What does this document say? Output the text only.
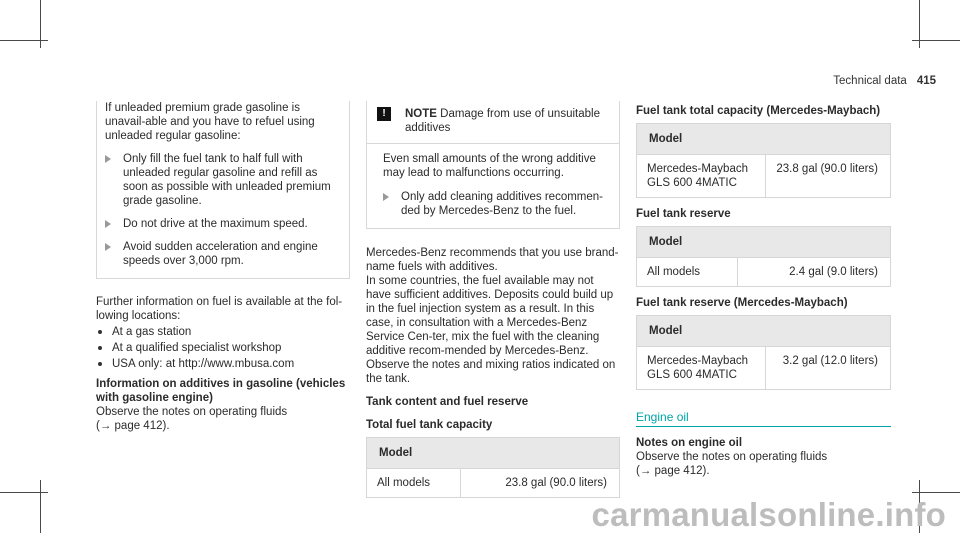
Technical data 415

If unleaded premium grade gasoline is unavail-able and you have to refuel using unleaded regular gasoline:

Only fill the fuel tank to half full with unleaded regular gasoline and refill as soon as possible with unleaded premium grade gasoline.
Do not drive at the maximum speed.
Avoid sudden acceleration and engine speeds over 3,000 rpm.

Further information on fuel is available at the fol-lowing locations:

At a gas station
At a qualified specialist workshop
USA only: at http://www.mbusa.com

Information on additives in gasoline (vehicles with gasoline engine)

Observe the notes on operating fluids

(→ page 412).

!	NOTE Damage from use of unsuitable additives

Even small amounts of the wrong additive may lead to malfunctions occurring.

Only add cleaning additives recommen-ded by Mercedes-Benz to the fuel.

Mercedes-Benz recommends that you use brand-name fuels with additives.

In some countries, the fuel available may not have sufficient additives. Deposits could build up in the fuel injection system as a result. In this case, in consultation with a Mercedes-Benz Service Cen-ter, mix the fuel with the cleaning additive recom-mended by Mercedes-Benz. Observe the notes and mixing ratios indicated on the tank.

Tank content and fuel reserve

Total fuel tank capacity

Model
All models	23.8 gal (90.0 liters)

Fuel tank total capacity (Mercedes-Maybach)

Model
Mercedes-Maybach GLS 600 4MATIC	23.8 gal (90.0 liters)

Fuel tank reserve

Model
All models	2.4 gal (9.0 liters)

Fuel tank reserve (Mercedes-Maybach)

Model
Mercedes-Maybach GLS 600 4MATIC	3.2 gal (12.0 liters)

Engine oil

Notes on engine oil

Observe the notes on operating fluids

(→ page 412).

carmanualsonline.info
